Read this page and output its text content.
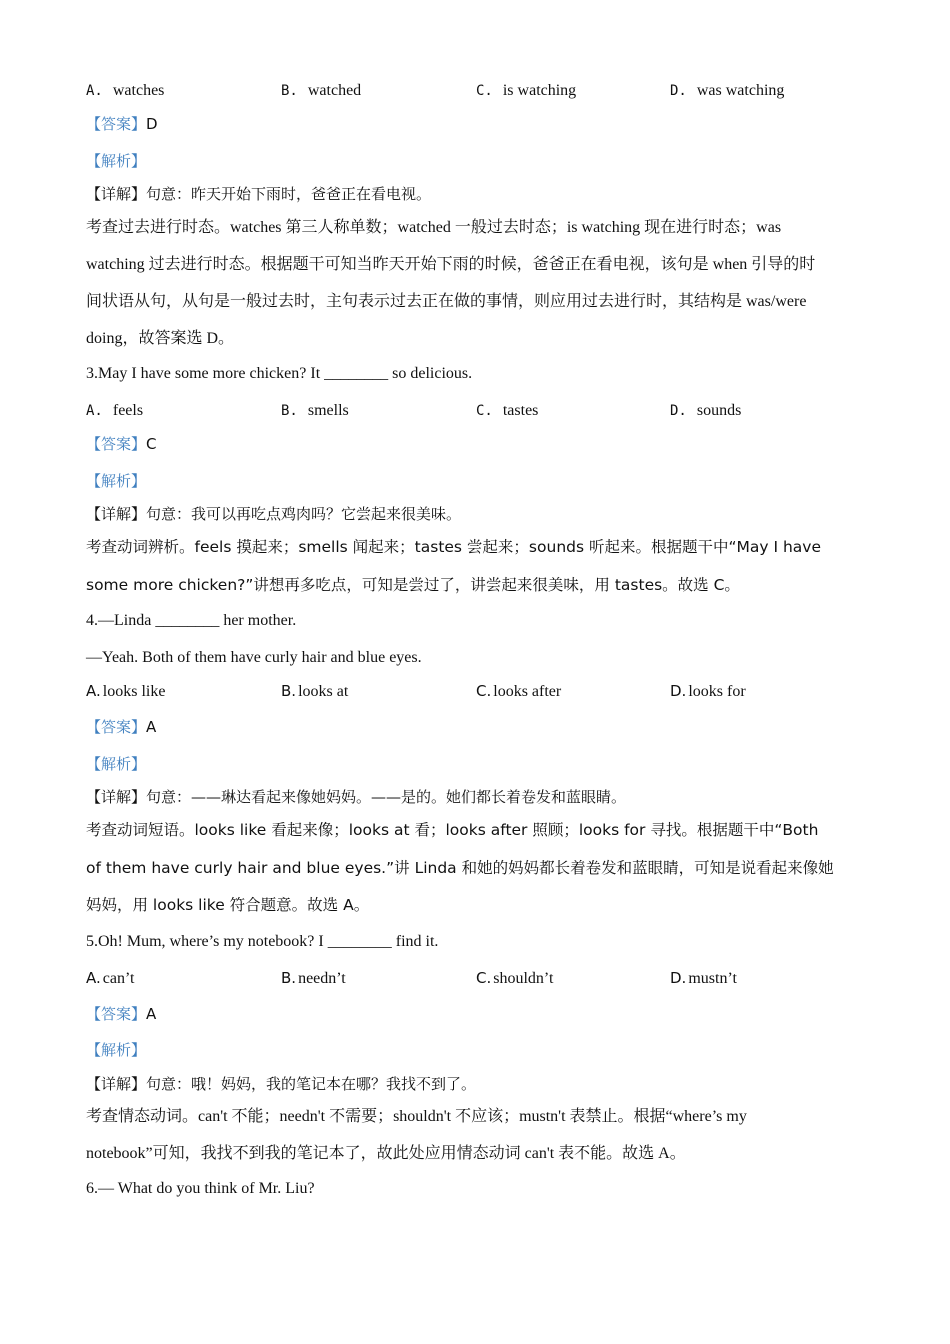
A. watches	B. watched	C. is watching	D. was watching
【答案】D
【解析】
【详解】句意：昨天开始下雨时，爸爸正在看电视。
考查过去进行时态。watches 第三人称单数；watched 一般过去时态；is watching 现在进行时态；was
watching 过去进行时态。根据题干可知当昨天开始下雨的时候，爸爸正在看电视，该句是 when 引导的时
间状语从句，从句是一般过去时，主句表示过去正在做的事情，则应用过去进行时，其结构是 was/were
doing，故答案选 D。
3.May I have some more chicken? It ________ so delicious.
A. feels	B. smells	C. tastes	D. sounds
【答案】C
【解析】
【详解】句意：我可以再吃点鸡肉吗？它尝起来很美味。
考查动词辨析。feels 摸起来；smells 闻起来；tastes 尝起来；sounds 听起来。根据题干中“May I have
some more chicken?”讲想再多吃点，可知是尝过了，讲尝起来很美味，用 tastes。故选 C。
4.—Linda ________ her mother.
—Yeah. Both of them have curly hair and blue eyes.
A. looks like	B. looks at	C. looks after	D. looks for
【答案】A
【解析】
【详解】句意：——琳达看起来像她妈妈。——是的。她们都长着卷发和蓝眼睛。
考查动词短语。looks like 看起来像；looks at 看；looks after 照顾；looks for 寻找。根据题干中“Both
of them have curly hair and blue eyes.”讲 Linda 和她的妈妈都长着卷发和蓝眼睛，可知是说看起来像她
妈妈，用 looks like 符合题意。故选 A。
5.Oh! Mum, where’s my notebook? I ________ find it.
A. can’t	B. needn’t	C. shouldn’t	D. mustn’t
【答案】A
【解析】
【详解】句意：哦！妈妈，我的笔记本在哪？我找不到了。
考查情态动词。can't 不能；needn't 不需要；shouldn't 不应该；mustn't 表禁止。根据“where’s my
notebook”可知，我找不到我的笔记本了，故此处应用情态动词 can't 表不能。故选 A。
6.— What do you think of Mr. Liu?
